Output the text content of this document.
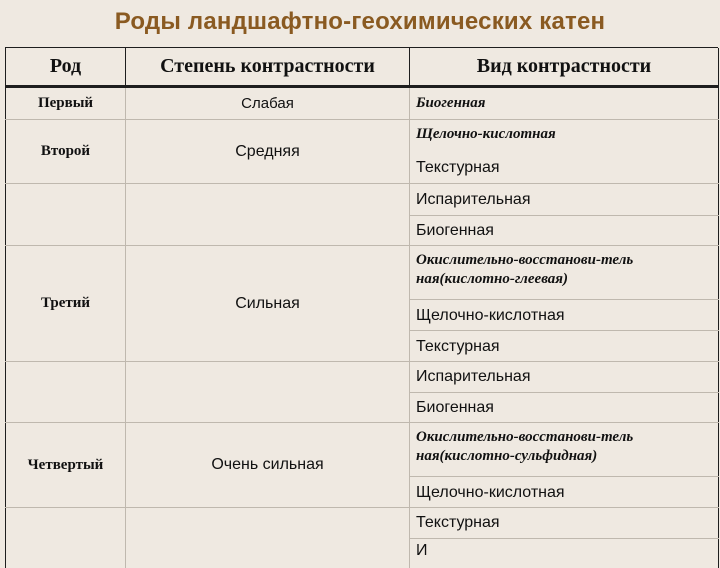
Роды ландшафтно-геохимических катен
Род	Степень контрастности	Вид контрастности
Первый	Слабая	Биогенная
Второй	Средняя	Щелочно-кислотная
		Текстурная
		Испарительная
		Биогенная
Третий	Сильная	Окислительно-восстанови-тель ная(кислотно-глеевая)
		Щелочно-кислотная
		Текстурная
		Испарительная
		Биогенная
Четвертый	Очень сильная	Окислительно-восстанови-тель ная(кислотно-сульфидная)
		Щелочно-кислотная
		Текстурная
		И
